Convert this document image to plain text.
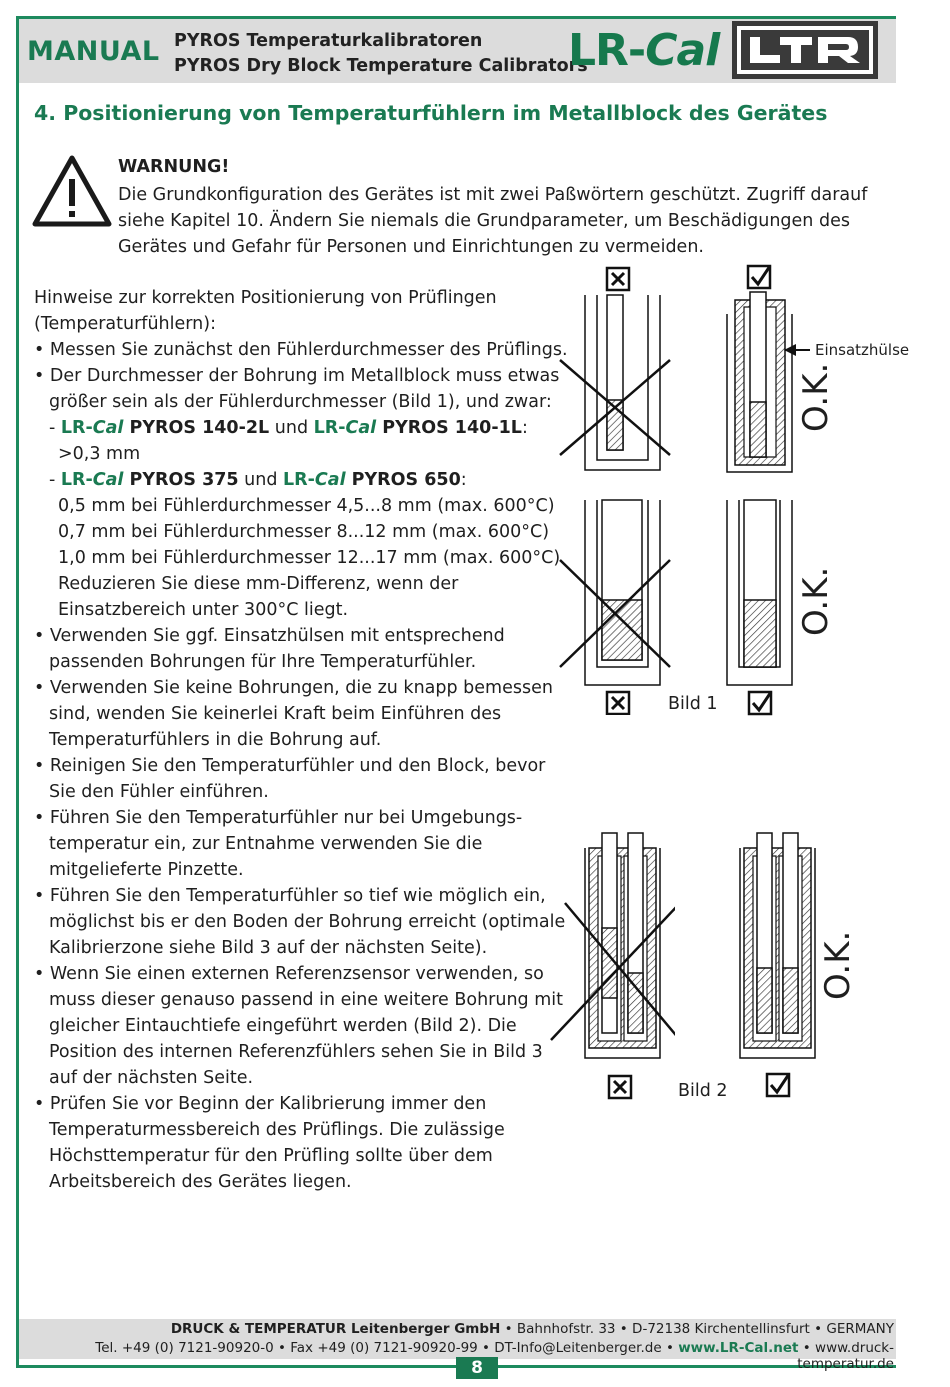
MANUAL PYROS Temperaturkalibratoren
PYROS Dry Block Temperature Calibrators
LR-Cal
4. Positionierung von Temperaturfühlern im Metallblock des Gerätes
WARNUNG!
Die Grundkonfiguration des Gerätes ist mit zwei Paßwörtern geschützt. Zugriff darauf siehe Kapitel 10. Ändern Sie niemals die Grundparameter, um Beschädigungen des Gerätes und Gefahr für Personen und Einrichtungen zu vermeiden.

Hinweise zur korrekten Positionierung von Prüflingen (Temperaturfühlern):

• Messen Sie zunächst den Fühlerdurchmesser des Prüflings.

• Der Durchmesser der Bohrung im Metallblock muss etwas größer sein als der Fühlerdurchmesser (Bild 1), und zwar:

- LR-Cal PYROS 140-2L und LR-Cal PYROS 140-1L:

>0,3 mm

- LR-Cal PYROS 375 und LR-Cal PYROS 650:

0,5 mm bei Fühlerdurchmesser 4,5...8 mm (max. 600°C)

0,7 mm bei Fühlerdurchmesser 8...12 mm (max. 600°C)

1,0 mm bei Fühlerdurchmesser 12...17 mm (max. 600°C)

Reduzieren Sie diese mm-Differenz, wenn der Einsatzbereich unter 300°C liegt.

• Verwenden Sie ggf. Einsatzhülsen mit entsprechend passenden Bohrungen für Ihre Temperaturfühler.

• Verwenden Sie keine Bohrungen, die zu knapp bemessen sind, wenden Sie keinerlei Kraft beim Einführen des Temperaturfühlers in die Bohrung auf.

• Reinigen Sie den Temperaturfühler und den Block, bevor Sie den Fühler einführen.

• Führen Sie den Temperaturfühler nur bei Umgebungs-temperatur ein, zur Entnahme verwenden Sie die mitgelieferte Pinzette.

• Führen Sie den Temperaturfühler so tief wie möglich ein, möglichst bis er den Boden der Bohrung erreicht (optimale Kalibrierzone siehe Bild 3 auf der nächsten Seite).

• Wenn Sie einen externen Referenzsensor verwenden, so muss dieser genauso passend in eine weitere Bohrung mit gleicher Eintauchtiefe eingeführt werden (Bild 2). Die Position des internen Referenzfühlers sehen Sie in Bild 3 auf der nächsten Seite.

• Prüfen Sie vor Beginn der Kalibrierung immer den Temperaturmessbereich des Prüflings. Die zulässige Höchsttemperatur für den Prüfling sollte über dem Arbeitsbereich des Gerätes liegen.

Einsatzhülse
O.K.
O.K.
Bild 1
O.K.
Bild 2
DRUCK & TEMPERATUR Leitenberger GmbH • Bahnhofstr. 33 • D-72138 Kirchentellinsfurt • GERMANY
Tel. +49 (0) 7121-90920-0 • Fax +49 (0) 7121-90920-99 • DT-Info@Leitenberger.de • www.LR-Cal.net • www.druck-temperatur.de
8
